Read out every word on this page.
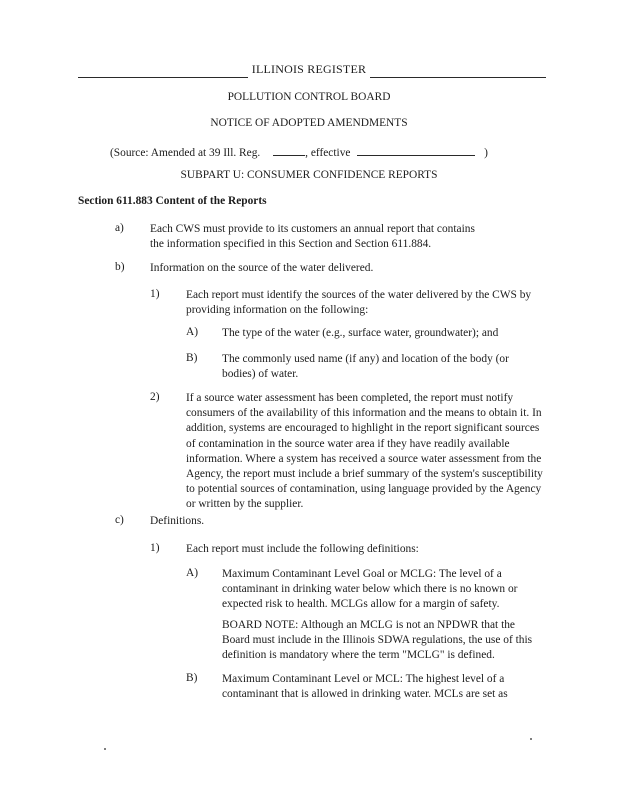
ILLINOIS REGISTER
POLLUTION CONTROL BOARD
NOTICE OF ADOPTED AMENDMENTS
(Source: Amended at 39 Ill. Reg.	, effective	)
SUBPART U: CONSUMER CONFIDENCE REPORTS
Section 611.883 Content of the Reports
a) Each CWS must provide to its customers an annual report that contains the information specified in this Section and Section 611.884.
b) Information on the source of the water delivered.
1) Each report must identify the sources of the water delivered by the CWS by providing information on the following:
A) The type of the water (e.g., surface water, groundwater); and
B) The commonly used name (if any) and location of the body (or bodies) of water.
2) If a source water assessment has been completed, the report must notify consumers of the availability of this information and the means to obtain it. In addition, systems are encouraged to highlight in the report significant sources of contamination in the source water area if they have readily available information. Where a system has received a source water assessment from the Agency, the report must include a brief summary of the system's susceptibility to potential sources of contamination, using language provided by the Agency or written by the supplier.
c) Definitions.
1) Each report must include the following definitions:
A) Maximum Contaminant Level Goal or MCLG: The level of a contaminant in drinking water below which there is no known or expected risk to health. MCLGs allow for a margin of safety.
BOARD NOTE: Although an MCLG is not an NPDWR that the Board must include in the Illinois SDWA regulations, the use of this definition is mandatory where the term "MCLG" is defined.
B) Maximum Contaminant Level or MCL: The highest level of a contaminant that is allowed in drinking water. MCLs are set as
